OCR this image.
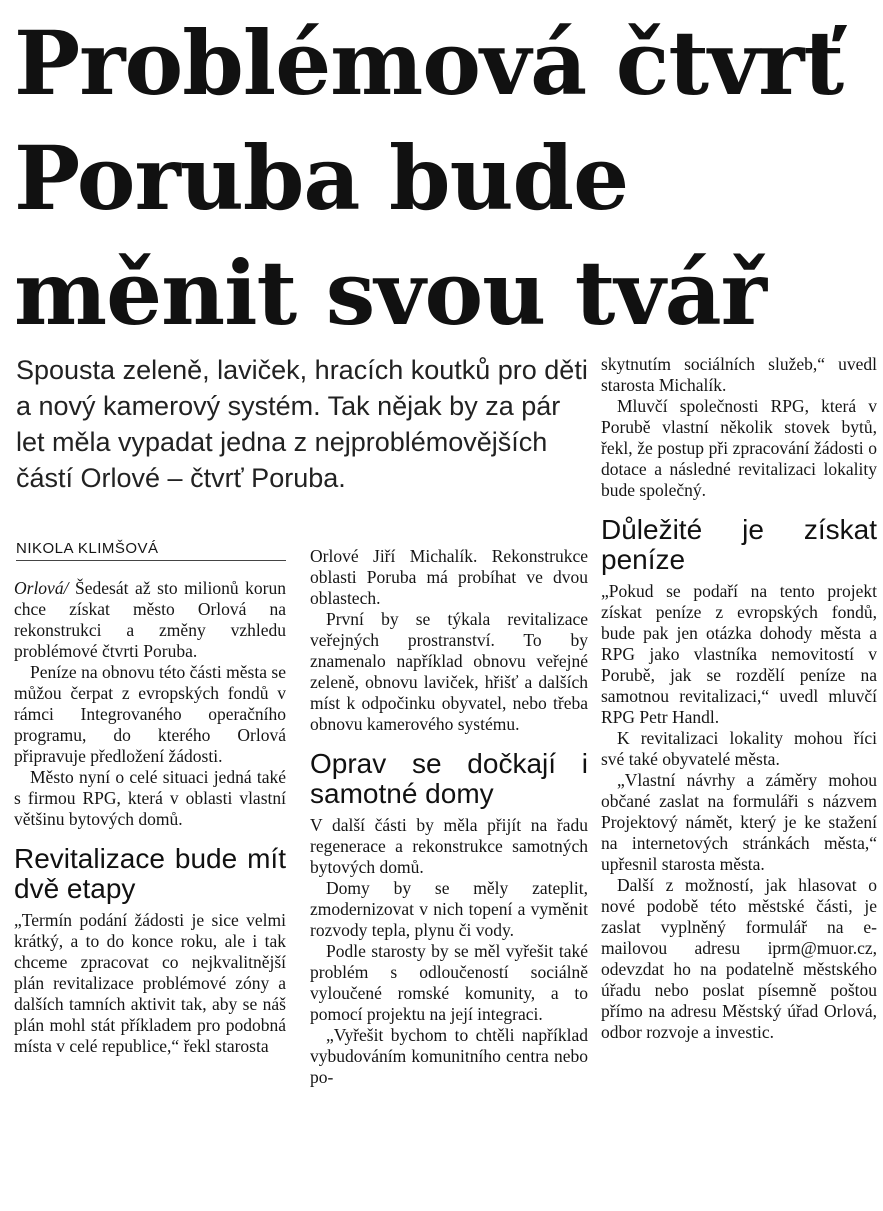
Problémová čtvrť
Poruba bude
měnit svou tvář
Spousta zeleně, laviček, hracích koutků pro děti a nový kamerový systém. Tak nějak by za pár let měla vypadat jedna z nejproblémovějších částí Orlové – čtvrť Poruba.
NIKOLA KLIMŠOVÁ

Orlová/ Šedesát až sto milionů korun chce získat město Orlová na rekonstrukci a změny vzhledu problémové čtvrti Poruba.

Peníze na obnovu této části města se můžou čerpat z evropských fondů v rámci Integrovaného operačního programu, do kterého Orlová připravuje předložení žádosti.

Město nyní o celé situaci jedná také s firmou RPG, která v oblasti vlastní většinu bytových domů.

Revitalizace bude mít dvě etapy

„Termín podání žádosti je sice velmi krátký, a to do konce roku, ale i tak chceme zpracovat co nejkvalitnější plán revitalizace problémové zóny a dalších tamních aktivit tak, aby se náš plán mohl stát příkladem pro podobná místa v celé republice,“ řekl starosta

Orlové Jiří Michalík. Rekonstrukce oblasti Poruba má probíhat ve dvou oblastech.

První by se týkala revitalizace veřejných prostranství. To by znamenalo například obnovu veřejné zeleně, obnovu laviček, hřišť a dalších míst k odpočinku obyvatel, nebo třeba obnovu kamerového systému.

Oprav se dočkají i samotné domy

V další části by měla přijít na řadu regenerace a rekonstrukce samotných bytových domů.

Domy by se měly zateplit, zmodernizovat v nich topení a vyměnit rozvody tepla, plynu či vody.

Podle starosty by se měl vyřešit také problém s odloučeností sociálně vyloučené romské komunity, a to pomocí projektu na její integraci.

„Vyřešit bychom to chtěli například vybudováním komunitního centra nebo po-

skytnutím sociálních služeb,“ uvedl starosta Michalík.

Mluvčí společnosti RPG, která v Porubě vlastní několik stovek bytů, řekl, že postup při zpracování žádosti o dotace a následné revitalizaci lokality bude společný.

Důležité je získat peníze

„Pokud se podaří na tento projekt získat peníze z evropských fondů, bude pak jen otázka dohody města a RPG jako vlastníka nemovitostí v Porubě, jak se rozdělí peníze na samotnou revitalizaci,“ uvedl mluvčí RPG Petr Handl.

K revitalizaci lokality mohou říci své také obyvatelé města.

„Vlastní návrhy a záměry mohou občané zaslat na formuláři s názvem Projektový námět, který je ke stažení na internetových stránkách města,“ upřesnil starosta města.

Další z možností, jak hlasovat o nové podobě této městské části, je zaslat vyplněný formulář na e-mailovou adresu iprm@muor.cz, odevzdat ho na podatelně městského úřadu nebo poslat písemně poštou přímo na adresu Městský úřad Orlová, odbor rozvoje a investic.
